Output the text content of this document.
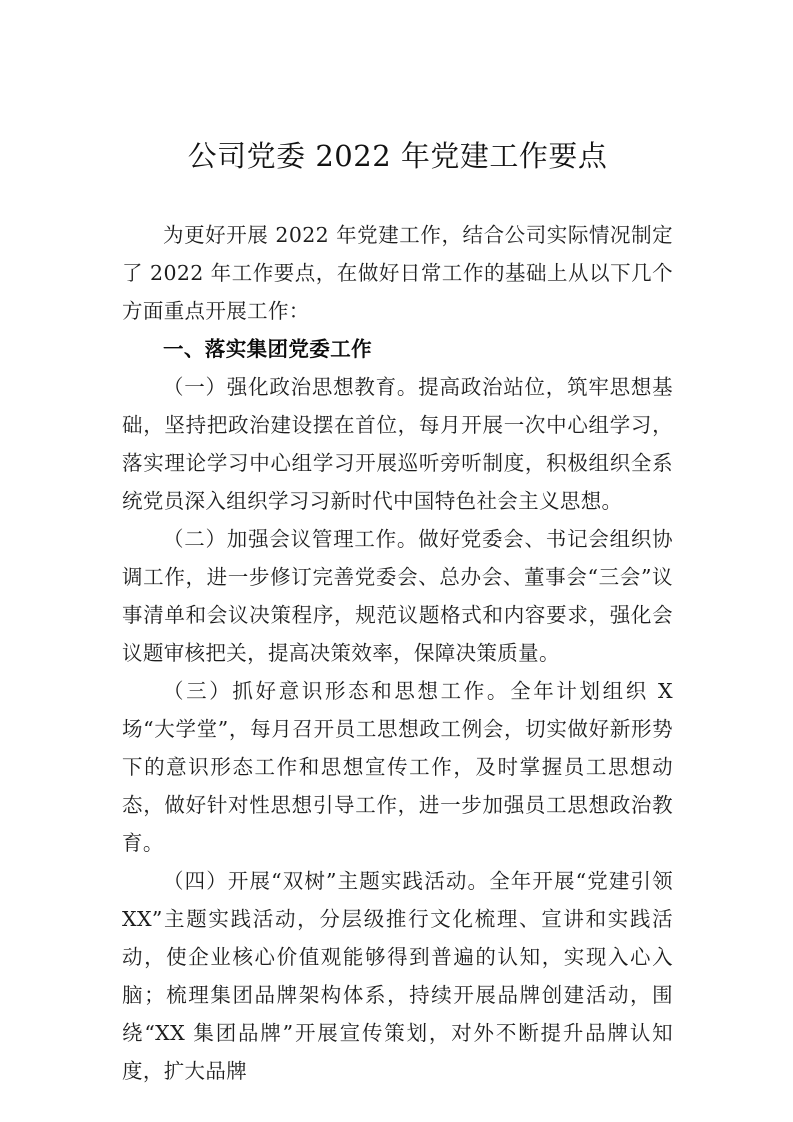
公司党委 2022 年党建工作要点

为更好开展 2022 年党建工作，结合公司实际情况制定了 2022 年工作要点，在做好日常工作的基础上从以下几个方面重点开展工作：

一、落实集团党委工作

（一）强化政治思想教育。提高政治站位，筑牢思想基础，坚持把政治建设摆在首位，每月开展一次中心组学习，落实理论学习中心组学习开展巡听旁听制度，积极组织全系统党员深入组织学习习新时代中国特色社会主义思想。

（二）加强会议管理工作。做好党委会、书记会组织协调工作，进一步修订完善党委会、总办会、董事会“三会”议事清单和会议决策程序，规范议题格式和内容要求，强化会议题审核把关，提高决策效率，保障决策质量。

（三）抓好意识形态和思想工作。全年计划组织 X 场“大学堂”，每月召开员工思想政工例会，切实做好新形势下的意识形态工作和思想宣传工作，及时掌握员工思想动态，做好针对性思想引导工作，进一步加强员工思想政治教育。

（四）开展“双树”主题实践活动。全年开展“党建引领 XX”主题实践活动，分层级推行文化梳理、宣讲和实践活动，使企业核心价值观能够得到普遍的认知，实现入心入脑；梳理集团品牌架构体系，持续开展品牌创建活动，围绕“XX 集团品牌”开展宣传策划，对外不断提升品牌认知度，扩大品牌
